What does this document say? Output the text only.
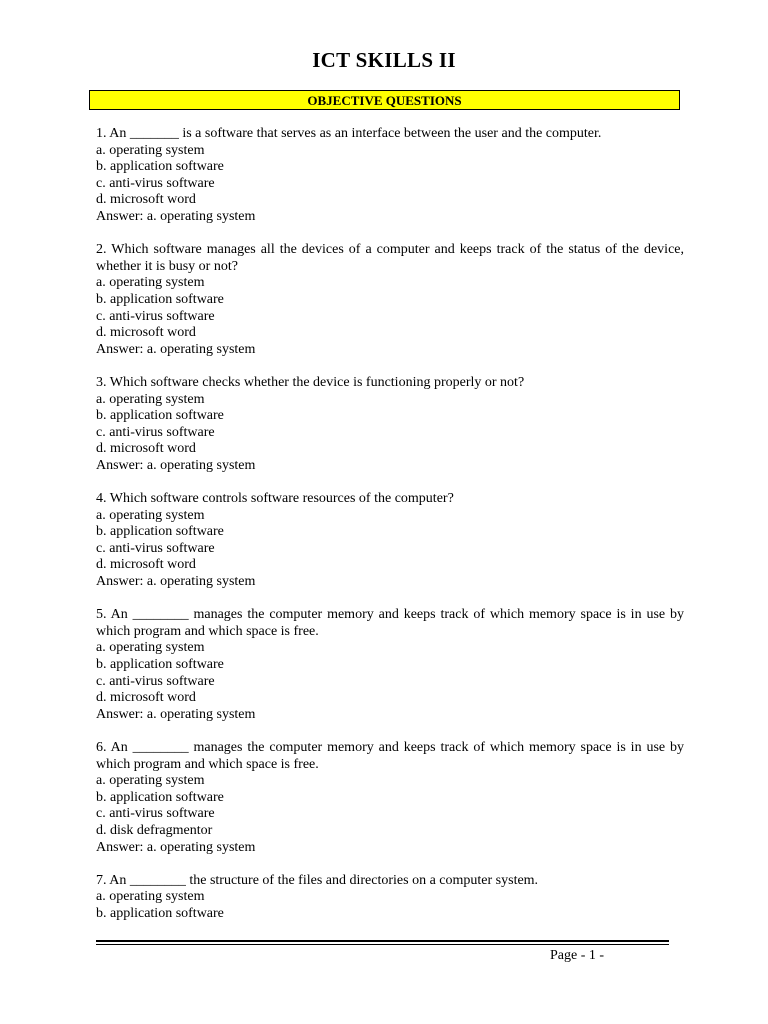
ICT SKILLS II
OBJECTIVE QUESTIONS
1. An _______ is a software that serves as an interface between the user and the computer.
a. operating system
b. application software
c. anti-virus software
d. microsoft word
Answer: a. operating system
2. Which software manages all the devices of a computer and keeps track of the status of the device, whether it is busy or not?
a. operating system
b. application software
c. anti-virus software
d. microsoft word
Answer: a. operating system
3. Which software checks whether the device is functioning properly or not?
a. operating system
b. application software
c. anti-virus software
d. microsoft word
Answer: a. operating system
4. Which software controls software resources of the computer?
a. operating system
b. application software
c. anti-virus software
d. microsoft word
Answer: a. operating system
5. An ________ manages the computer memory and keeps track of which memory space is in use by which program and which space is free.
a. operating system
b. application software
c. anti-virus software
d. microsoft word
Answer: a. operating system
6. An ________ manages the computer memory and keeps track of which memory space is in use by which program and which space is free.
a. operating system
b. application software
c. anti-virus software
d. disk defragmentor
Answer: a. operating system
7. An ________ the structure of the files and directories on a computer system.
a. operating system
b. application software
Page - 1 -
